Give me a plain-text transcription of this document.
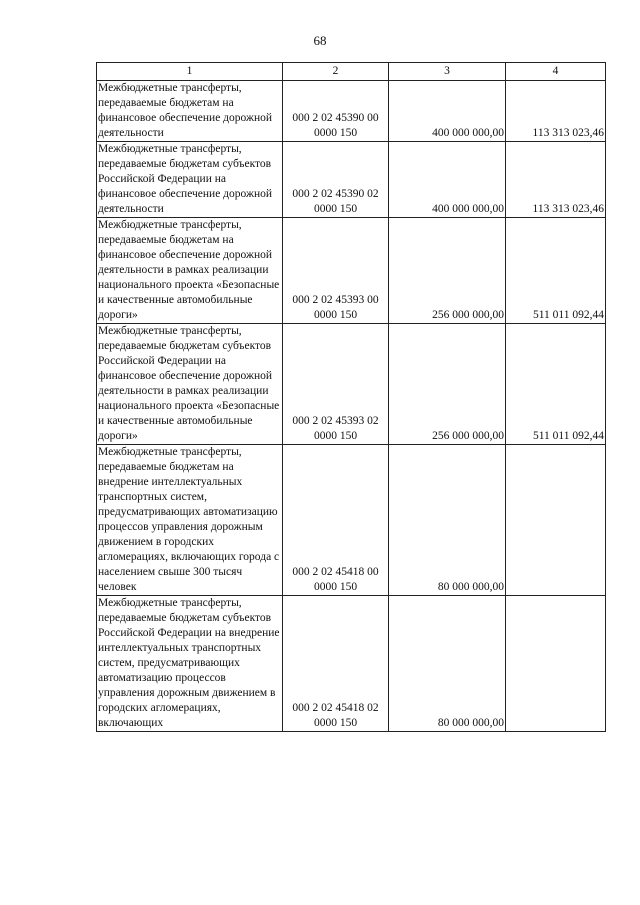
68
1	2	3	4
Межбюджетные трансферты, передаваемые бюджетам на финансовое обеспечение дорожной деятельности	000 2 02 45390 00 0000 150	400 000 000,00	113 313 023,46
Межбюджетные трансферты, передаваемые бюджетам субъектов Российской Федерации на финансовое обеспечение дорожной деятельности	000 2 02 45390 02 0000 150	400 000 000,00	113 313 023,46
Межбюджетные трансферты, передаваемые бюджетам на финансовое обеспечение дорожной деятельности в рамках реализации национального проекта «Безопасные и качественные автомобильные дороги»	000 2 02 45393 00 0000 150	256 000 000,00	511 011 092,44
Межбюджетные трансферты, передаваемые бюджетам субъектов Российской Федерации на финансовое обеспечение дорожной деятельности в рамках реализации национального проекта «Безопасные и качественные автомобильные дороги»	000 2 02 45393 02 0000 150	256 000 000,00	511 011 092,44
Межбюджетные трансферты, передаваемые бюджетам на внедрение интеллектуальных транспортных систем, предусматривающих автоматизацию процессов управления дорожным движением в городских агломерациях, включающих города с населением свыше 300 тысяч человек	000 2 02 45418 00 0000 150	80 000 000,00	
Межбюджетные трансферты, передаваемые бюджетам субъектов Российской Федерации на внедрение интеллектуальных транспортных систем, предусматривающих автоматизацию процессов управления дорожным движением в городских агломерациях, включающих	000 2 02 45418 02 0000 150	80 000 000,00	
